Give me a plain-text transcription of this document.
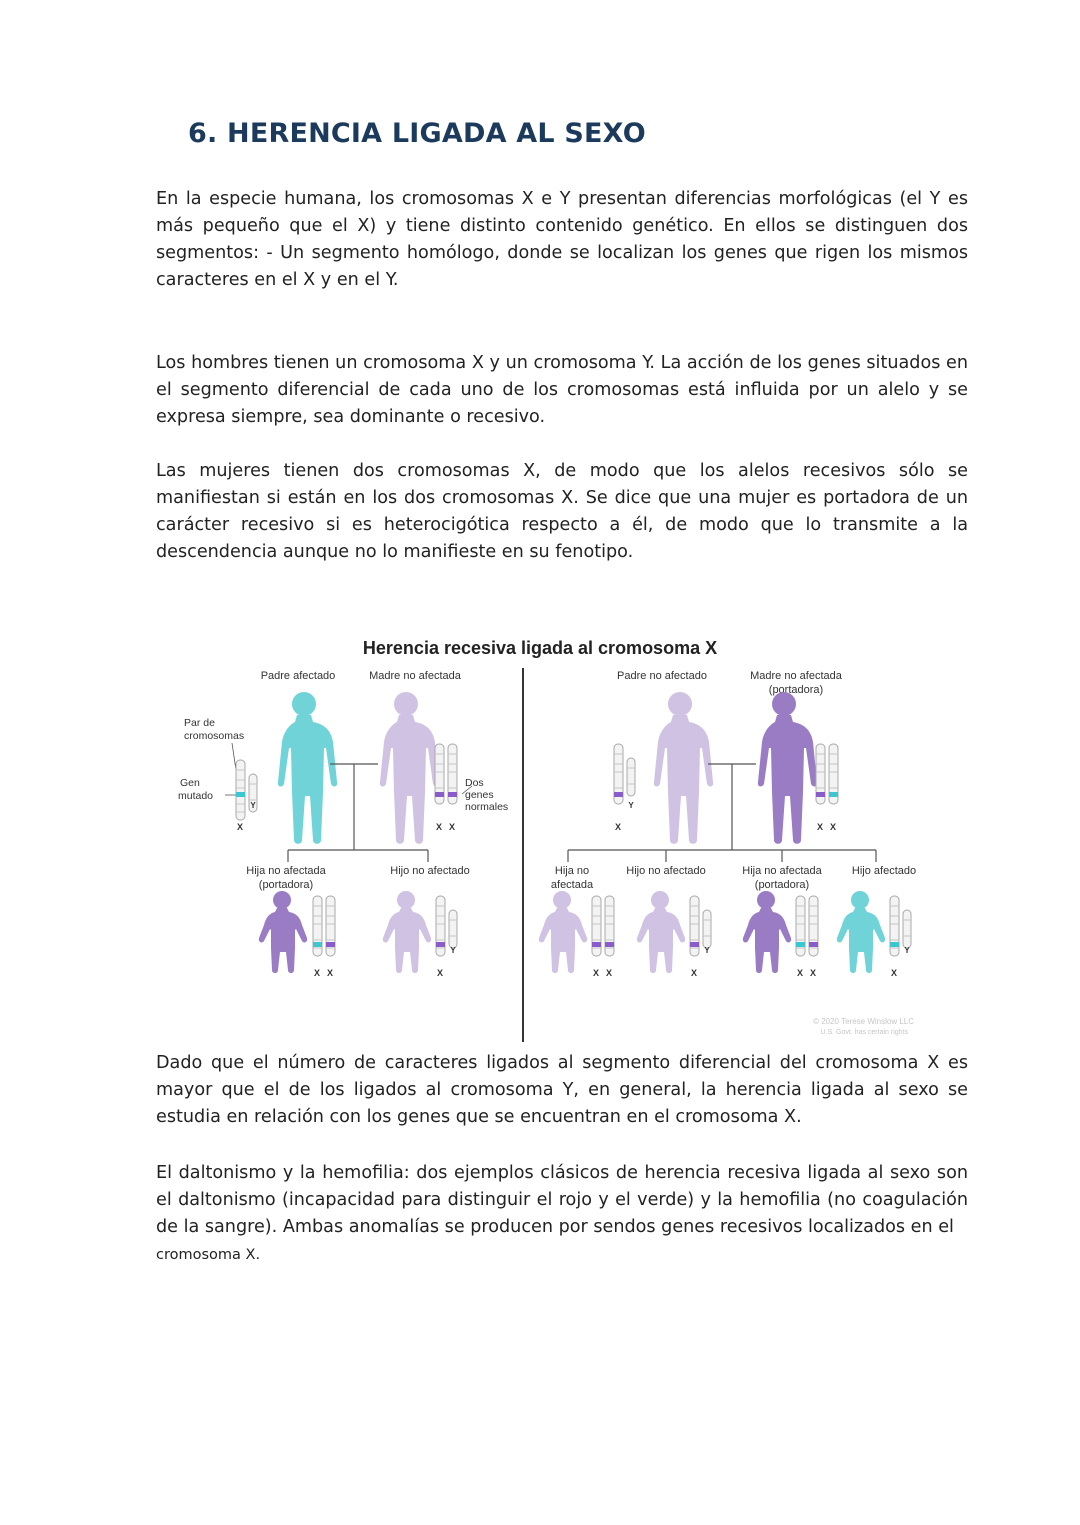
6. HERENCIA LIGADA AL SEXO

En la especie humana, los cromosomas X e Y presentan diferencias morfológicas (el Y es más pequeño que el X) y tiene distinto contenido genético. En ellos se distinguen dos segmentos: - Un segmento homólogo, donde se localizan los genes que rigen los mismos caracteres en el X y en el Y.

Los hombres tienen un cromosoma X y un cromosoma Y. La acción de los genes situados en el segmento diferencial de cada uno de los cromosomas está influida por un alelo y se expresa siempre, sea dominante o recesivo.

Las mujeres tienen dos cromosomas X, de modo que los alelos recesivos sólo se manifiestan si están en los dos cromosomas X. Se dice que una mujer es portadora de un carácter recesivo si es heterocigótica respecto a él, de modo que lo transmite a la descendencia aunque no lo manifieste en su fenotipo.

Herencia recesiva ligada al cromosoma X
Padre afectado	Madre no afectada
Par de
cromosomas
Gen
mutado
X
Y
X X
Dos
genes
normales
Hija no afectada
(portadora)
Hijo no afectado
X X	X
Y
Padre no afectado	Madre no afectada
(portadora)
X
Y
X X
Hija no
afectada
Hijo no afectado	Hija no afectada
(portadora)
Hijo afectado
X X	X
Y
X X	X
Y
© 2020 Terese Winslow LLC
U.S. Govt. has certain rights

Dado que el número de caracteres ligados al segmento diferencial del cromosoma X es mayor que el de los ligados al cromosoma Y, en general, la herencia ligada al sexo se estudia en relación con los genes que se encuentran en el cromosoma X.

El daltonismo y la hemofilia: dos ejemplos clásicos de herencia recesiva ligada al sexo son el daltonismo (incapacidad para distinguir el rojo y el verde) y la hemofilia (no coagulación de la sangre). Ambas anomalías se producen por sendos genes recesivos localizados en el
cromosoma X.
